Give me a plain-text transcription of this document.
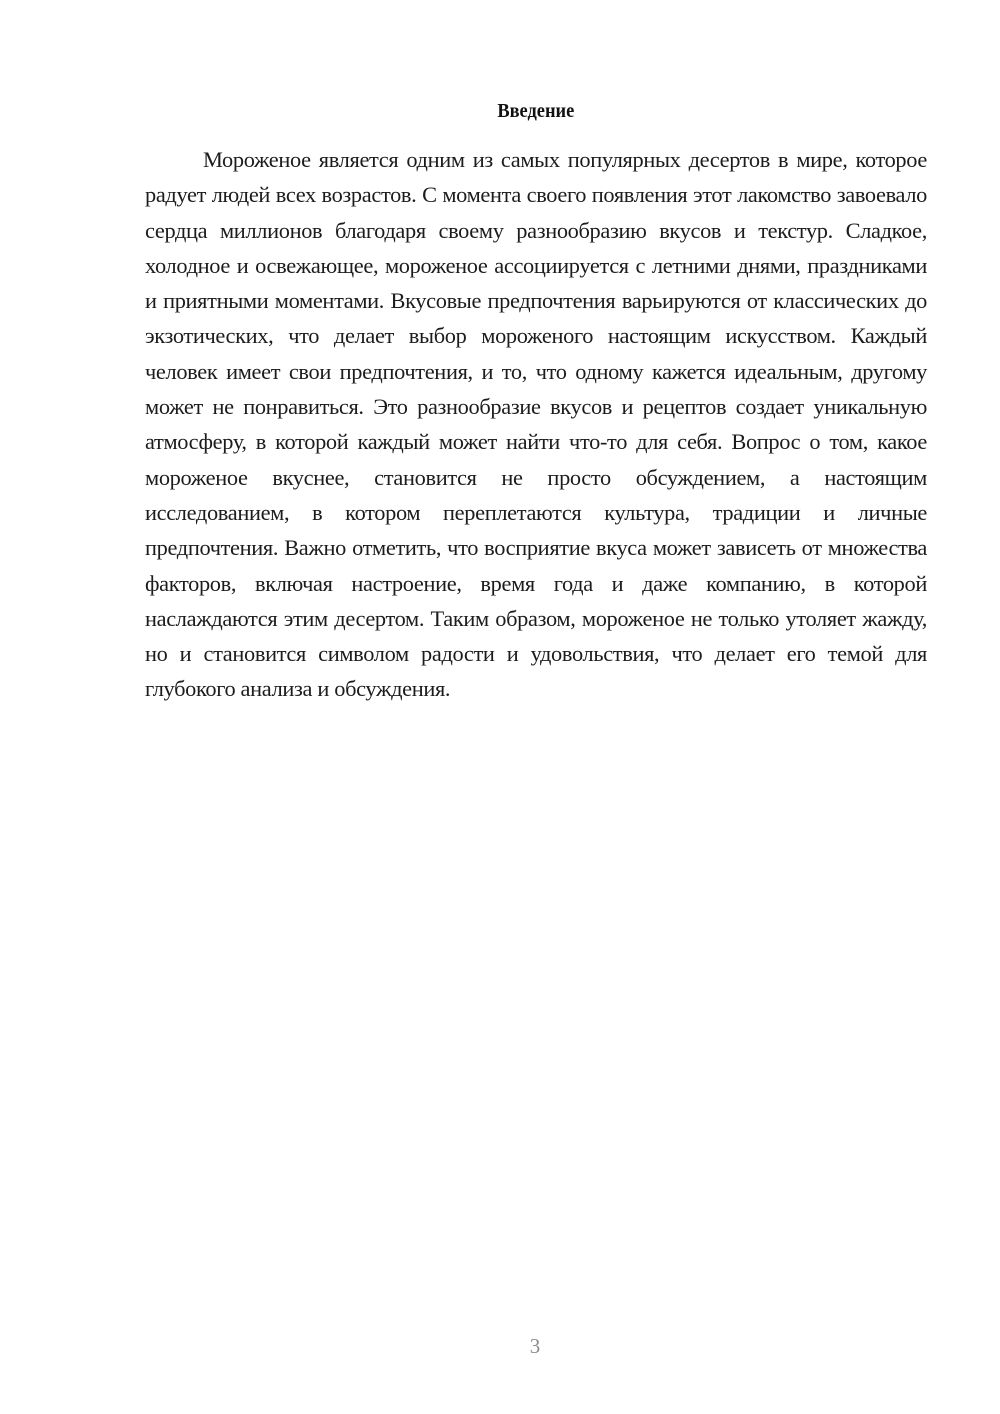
Введение

Мороженое является одним из самых популярных десертов в мире, которое радует людей всех возрастов. С момента своего появления этот лакомство завоевало сердца миллионов благодаря своему разнообразию вкусов и текстур. Сладкое, холодное и освежающее, мороженое ассоциируется с летними днями, праздниками и приятными моментами. Вкусовые предпочтения варьируются от классических до экзотических, что делает выбор мороженого настоящим искусством. Каждый человек имеет свои предпочтения, и то, что одному кажется идеальным, другому может не понравиться. Это разнообразие вкусов и рецептов создает уникальную атмосферу, в которой каждый может найти что-то для себя. Вопрос о том, какое мороженое вкуснее, становится не просто обсуждением, а настоящим исследованием, в котором переплетаются культура, традиции и личные предпочтения. Важно отметить, что восприятие вкуса может зависеть от множества факторов, включая настроение, время года и даже компанию, в которой наслаждаются этим десертом. Таким образом, мороженое не только утоляет жажду, но и становится символом радости и удовольствия, что делает его темой для глубокого анализа и обсуждения.

3
